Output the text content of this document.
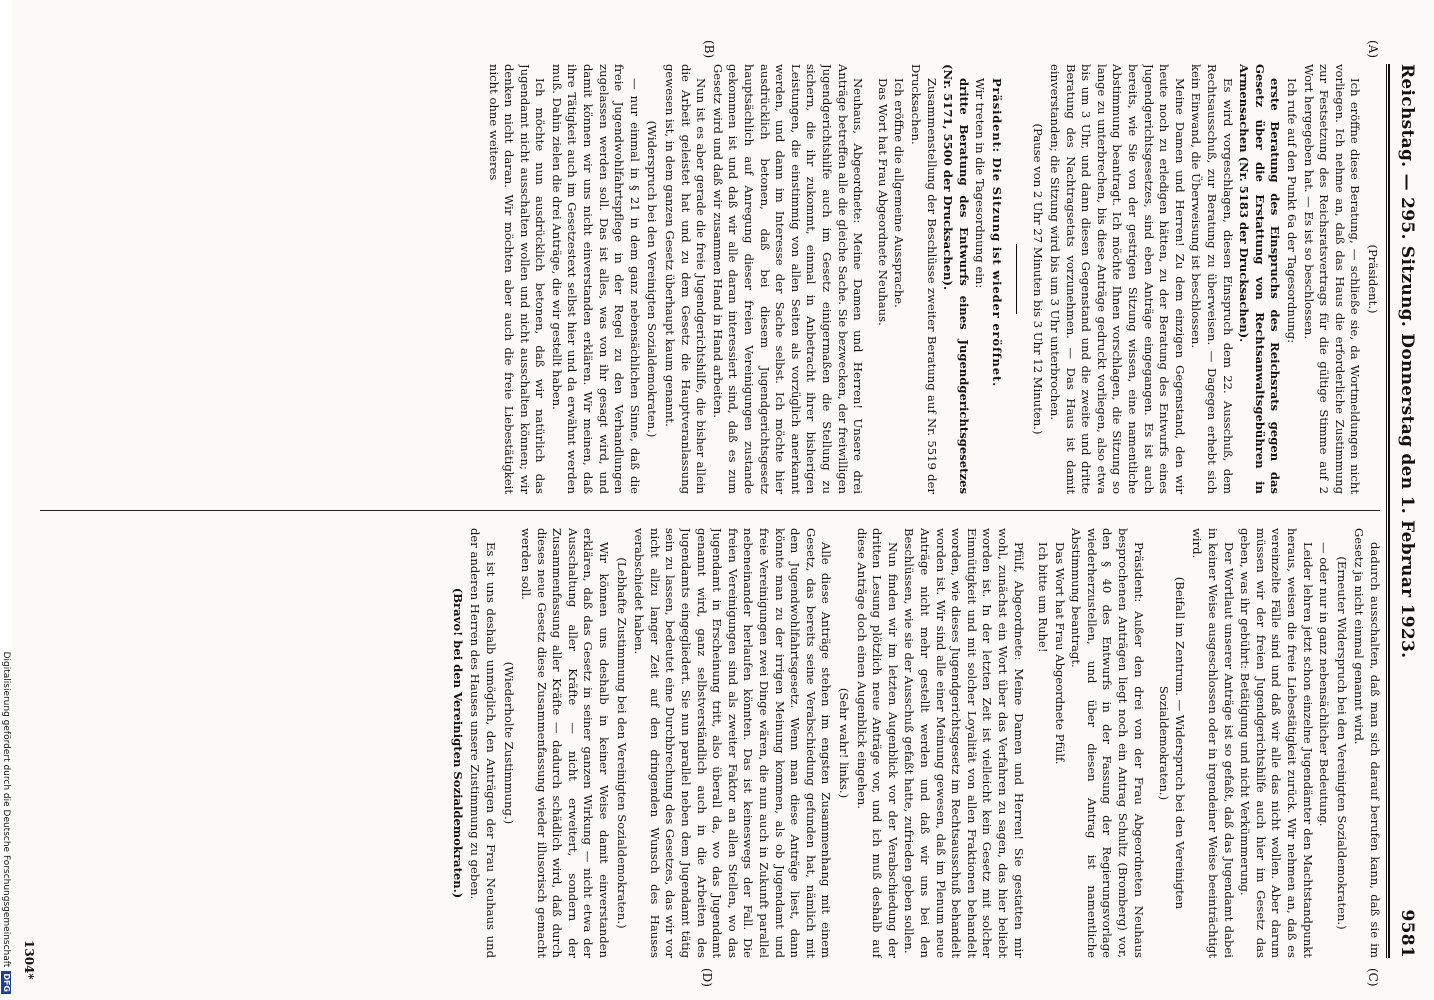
Reichstag. — 295. Sitzung. Donnerstag den 1. Februar 1923.
9581
(A)
(B)
(C)
(D)

(Präsident.)

Ich eröffne diese Beratung, — schließe sie, da Wortmeldungen nicht vorliegen. Ich nehme an, daß das Haus die erforderliche Zustimmung zur Festsetzung des Reichsratsvertrags für die gültige Stimme auf 2 Wort hergegeben hat. — Es ist so beschlossen.

Ich rufe auf den Punkt 6a der Tagesordnung:

erste Beratung des Einspruchs des Reichsrats gegen das Gesetz über die Erstattung von Rechtsanwaltsgebühren in Armensachen (Nr. 5183 der Drucksachen).

Es wird vorgeschlagen, diesen Einspruch dem 22. Ausschuß, dem Rechtsausschuß, zur Beratung zu überweisen. — Dagegen erhebt sich kein Einwand, die Überweisung ist beschlossen.

Meine Damen und Herren! Zu dem einzigen Gegenstand, den wir heute noch zu erledigen hätten, zu der Beratung des Entwurfs eines Jugendgerichtsgesetzes, sind eben Anträge eingegangen. Es ist auch bereits, wie Sie von der gestrigen Sitzung wissen, eine namentliche Abstimmung beantragt. Ich möchte Ihnen vorschlagen, die Sitzung so lange zu unterbrechen, bis diese Anträge gedruckt vorliegen, also etwa bis um 3 Uhr, und dann diesen Gegenstand und die zweite und dritte Beratung des Nachtragsetats vorzunehmen. — Das Haus ist damit einverstanden; die Sitzung wird bis um 3 Uhr unterbrochen.

(Pause von 2 Uhr 27 Minuten bis 3 Uhr 12 Minuten.)

Präsident: Die Sitzung ist wieder eröffnet.

Wir treten in die Tagesordnung ein:

dritte Beratung des Entwurfs eines Jugendgerichtsgesetzes (Nr. 5171, 5500 der Drucksachen).

Zusammenstellung der Beschlüsse zweiter Beratung auf Nr. 5519 der Drucksachen.

Ich eröffne die allgemeine Aussprache.

Das Wort hat Frau Abgeordnete Neuhaus.

Neuhaus, Abgeordnete: Meine Damen und Herren! Unsere drei Anträge betreffen alle die gleiche Sache. Sie bezwecken, der freiwilligen Jugendgerichtshilfe auch im Gesetz einigermaßen die Stellung zu sichern, die ihr zukommt, einmal in Anbetracht ihrer bisherigen Leistungen, die einstimmig von allen Seiten als vorzüglich anerkannt werden, und dann im Interesse der Sache selbst. Ich möchte hier ausdrücklich betonen, daß bei diesem Jugendgerichtsgesetz hauptsächlich auf Anregung dieser freien Vereinigungen zustande gekommen ist und daß wir alle daran interessiert sind, daß es zum Gesetz wird und daß wir zusammen Hand in Hand arbeiten.

Nun ist es aber gerade die freie Jugendgerichtshilfe, die bisher allein die Arbeit geleistet hat und zu dem Gesetz die Hauptveranlassung gewesen ist, in dem ganzen Gesetz überhaupt kaum genannt.

(Widerspruch bei den Vereinigten Sozialdemokraten.)

— nur einmal in § 21 in dem ganz nebensächlichen Sinne, daß die freie Jugendwohlfahrtspflege in der Regel zu den Verhandlungen zugelassen werden soll. Das ist alles, was von ihr gesagt wird, und damit können wir uns nicht einverstanden erklären. Wir meinen, daß ihre Tätigkeit auch im Gesetzestext selbst hier und da erwähnt werden muß. Dahin zielen die drei Anträge, die wir gestellt haben.

Ich möchte nun ausdrücklich betonen, daß wir natürlich das Jugendamt nicht ausschalten wollen und nicht ausschalten können; wir denken nicht daran. Wir möchten aber auch die freie Liebestätigkeit nicht ohne weiteres

dadurch ausschalten, daß man sich darauf berufen kann, daß sie im Gesetz ja nicht einmal genannt wird.

(Erneuter Widerspruch bei den Vereinigten Sozialdemokraten.)

— oder nur in ganz nebensächlicher Bedeutung.

Leider lehren jetzt schon einzelne Jugendämter den Machtstandpunkt heraus, weisen die freie Liebestätigkeit zurück. Wir nehmen an, daß es vereinzelte Fälle sind und daß wir alle das nicht wollen. Aber darum müssen wir der freien Jugendgerichtshilfe auch hier im Gesetz das geben, was ihr gebührt: Betätigung und nicht Verkümmerung.

Der Wortlaut unserer Anträge ist so gefaßt, daß das Jugendamt dabei in keiner Weise ausgeschlossen oder in irgendeiner Weise beeinträchtigt wird.

(Beifall im Zentrum. — Widerspruch bei den Vereinigten Sozialdemokraten.)

Präsident: Außer den drei von der Frau Abgeordneten Neuhaus besprochenen Anträgen liegt noch ein Antrag Schultz (Bromberg) vor, den § 40 des Entwurfs in der Fassung der Regierungsvorlage wiederherzustellen, und über diesen Antrag ist namentliche Abstimmung beantragt.

Das Wort hat Frau Abgeordnete Pfülf.

Ich bitte um Ruhe!

Pfülf, Abgeordnete: Meine Damen und Herren! Sie gestatten mir wohl, zunächst ein Wort über das Verfahren zu sagen, das hier beliebt worden ist. In der letzten Zeit ist vielleicht kein Gesetz mit solcher Einmütigkeit und mit solcher Loyalität von allen Fraktionen behandelt worden, wie dieses Jugendgerichtsgesetz im Rechtsausschuß behandelt worden ist. Wir sind alle einer Meinung gewesen, daß im Plenum neue Anträge nicht mehr gestellt werden und daß wir uns bei den Beschlüssen, wie sie der Ausschuß gefaßt hatte, zufrieden geben sollen.

Nun finden wir im letzten Augenblick vor der Verabschiedung der dritten Lesung plötzlich neue Anträge vor, und ich muß deshalb auf diese Anträge doch einen Augenblick eingehen.

(Sehr wahr! links.)

Alle diese Anträge stehen im engsten Zusammenhang mit einem Gesetz, das bereits seine Verabschiedung gefunden hat, nämlich mit dem Jugendwohlfahrtsgesetz. Wenn man diese Anträge liest, dann könnte man zu der irrigen Meinung kommen, als ob Jugendamt und freie Vereinigungen zwei Dinge wären, die nun auch in Zukunft parallel nebeneinander herlaufen könnten. Das ist keineswegs der Fall. Die freien Vereinigungen sind als zweiter Faktor an allen Stellen, wo das Jugendamt in Erscheinung tritt, also überall da, wo das Jugendamt genannt wird, ganz selbstverständlich auch in die Arbeiten des Jugendamts eingegliedert. Sie nun parallel neben dem Jugendamt tätig sein zu lassen, bedeutet eine Durchbrechung des Gesetzes, das wir vor nicht allzu langer Zeit auf den dringenden Wunsch des Hauses verabschiedet haben.

(Lebhafte Zustimmung bei den Vereinigten Sozialdemokraten.)

Wir können uns deshalb in keiner Weise damit einverstanden erklären, daß das Gesetz in seiner ganzen Wirkung — nicht etwa der Ausschaltung aller Kräfte — nicht erweitert, sondern der Zusammenfassung aller Kräfte — dadurch schädlich wird, daß durch dieses neue Gesetz diese Zusammenfassung wieder illusorisch gemacht werden soll.

(Wiederholte Zustimmung.)

Es ist uns deshalb unmöglich, den Anträgen der Frau Neuhaus und der anderen Herren des Hauses unsere Zustimmung zu geben.

(Bravo! bei den Vereinigten Sozialdemokraten.)

1304*
Digitalisierung gefördert durch die Deutsche Forschungsgemeinschaft
DFG
